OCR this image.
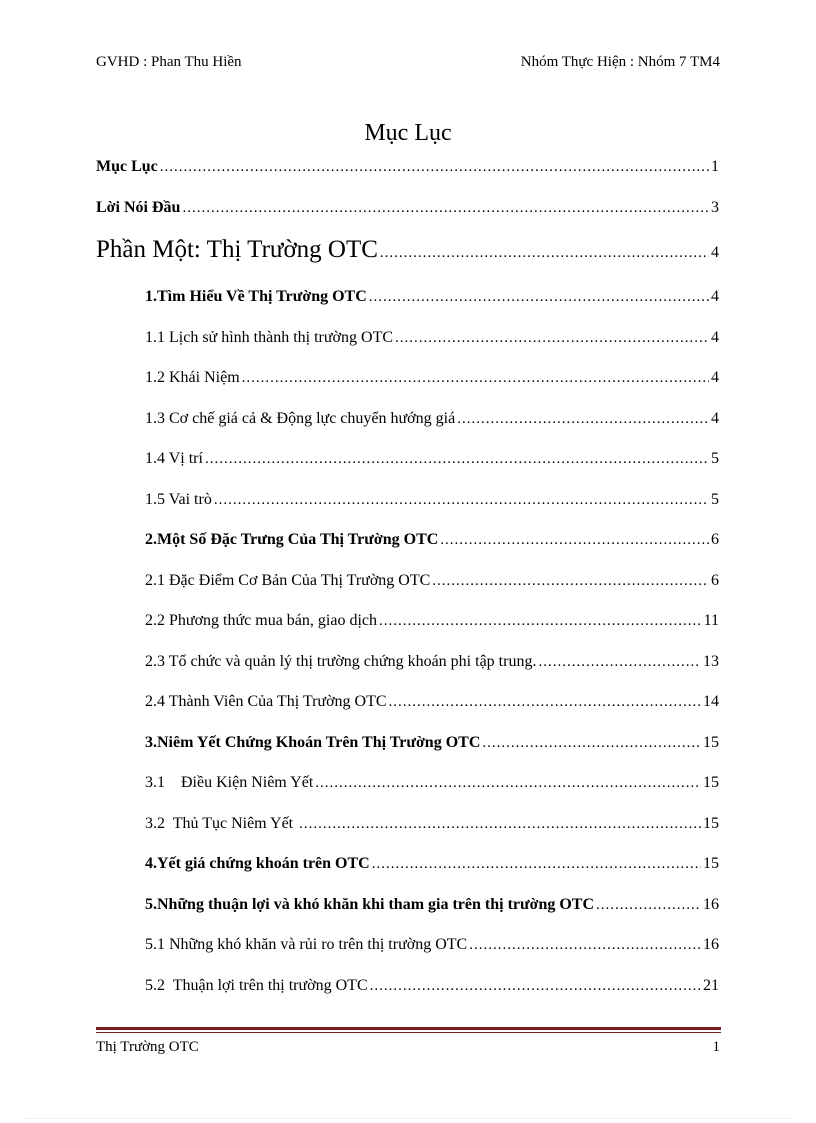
GVHD : Phan Thu Hiền	Nhóm Thực Hiện : Nhóm 7 TM4
Mục Lục
Mục Lục .....	1
Lời Nói Đầu .....	3
Phần Một: Thị Trường OTC .....	4
1.Tìm Hiểu Về Thị Trường OTC .....	4
1.1 Lịch sử hình thành thị trường OTC .....	4
1.2 Khái Niệm .....	4
1.3 Cơ chế giá cả & Động lực chuyển hướng giá .....	4
1.4 Vị trí .....	5
1.5 Vai trò .....	5
2.Một Số Đặc Trưng Của Thị Trường OTC .....	6
2.1 Đặc Điểm Cơ Bản Của Thị Trường OTC .....	6
2.2 Phương thức mua bán, giao dịch .....	11
2.3 Tổ chức và quản lý thị trường chứng khoán phi tập trung. .....	13
2.4 Thành Viên Của Thị Trường OTC .....	14
3.Niêm Yết Chứng Khoán Trên Thị Trường OTC .....	15
3.1    Điều Kiện Niêm Yết .....	15
3.2  Thủ Tục Niêm Yết .....	15
4.Yết giá chứng khoán trên OTC .....	15
5.Những thuận lợi và khó khăn khi tham gia trên thị trường OTC .....	16
5.1 Những khó khăn và rủi ro trên thị trường OTC .....	16
5.2  Thuận lợi trên thị trường OTC .....	21
Thị Trường OTC	1
